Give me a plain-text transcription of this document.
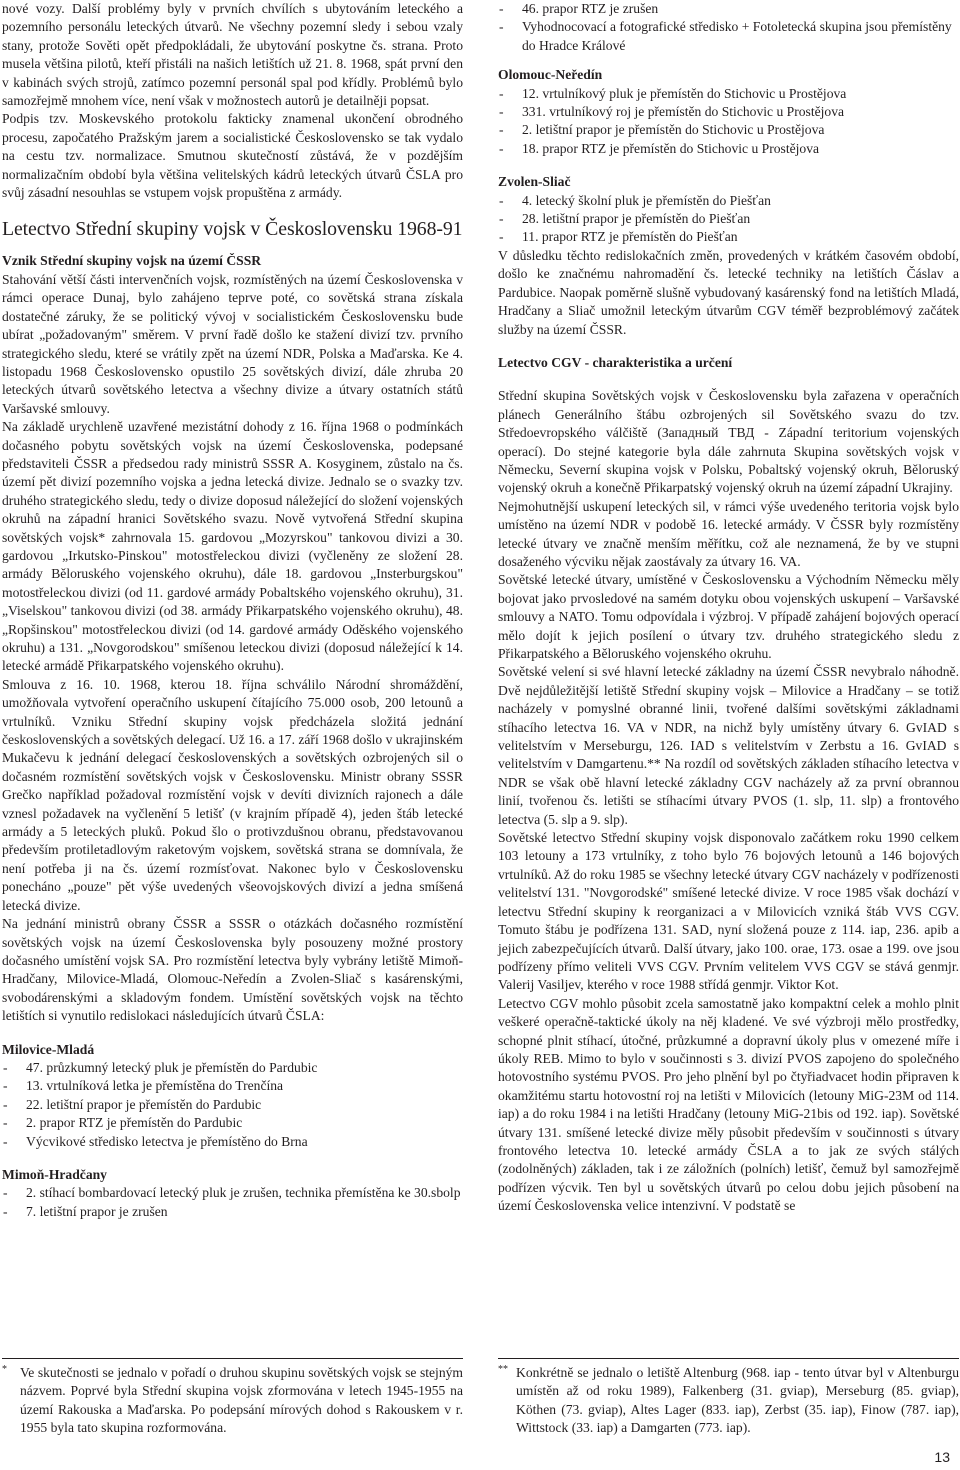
nové vozy. Další problémy byly v prvních chvílích s ubytováním leteckého a pozemního personálu leteckých útvarů. Ne všechny pozemní sledy i sebou vzaly stany, protože Sověti opět předpokládali, že ubytování poskytne čs. strana. Proto musela většina pilotů, kteří přistáli na našich letištích už 21. 8. 1968, spát první den v kabinách svých strojů, zatímco pozemní personál spal pod křídly. Problémů bylo samozřejmě mnohem více, není však v možnostech autorů je detailněji popsat.

Podpis tzv. Moskevského protokolu fakticky znamenal ukončení obrodného procesu, započatého Pražským jarem a socialistické Československo se tak vydalo na cestu tzv. normalizace. Smutnou skutečností zůstává, že v pozdějším normalizačním období byla většina velitelských kádrů leteckých útvarů ČSLA pro svůj zásadní nesouhlas se vstupem vojsk propuštěna z armády.

Letectvo Střední skupiny vojsk v Československu 1968-91

Vznik Střední skupiny vojsk na území ČSSR

Stahování větší části intervenčních vojsk, rozmístěných na území Československa v rámci operace Dunaj, bylo zahájeno teprve poté, co sovětská strana získala dostatečné záruky, že se politický vývoj v socialistickém Československu bude ubírat „požadovaným" směrem. V první řadě došlo ke stažení divizí tzv. prvního strategického sledu, které se vrátily zpět na území NDR, Polska a Maďarska. Ke 4. listopadu 1968 Československo opustilo 25 sovětských divizí, dále zhruba 20 leteckých útvarů sovětského letectva a všechny divize a útvary ostatních států Varšavské smlouvy.

Na základě urychleně uzavřené mezistátní dohody z 16. října 1968 o podmínkách dočasného pobytu sovětských vojsk na území Československa, podepsané představiteli ČSSR a předsedou rady ministrů SSSR A. Kosyginem, zůstalo na čs. území pět divizí pozemního vojska a jedna letecká divize. Jednalo se o svazky tzv. druhého strategického sledu, tedy o divize doposud náležející do složení vojenských okruhů na západní hranici Sovětského svazu. Nově vytvořená Střední skupina sovětských vojsk* zahrnovala 15. gardovou „Mozyrskou" tankovou divizi a 30. gardovou „Irkutsko-Pinskou" motostřeleckou divizi (vyčleněny ze složení 28. armády Běloruského vojenského okruhu), dále 18. gardovou „Insterburgskou" motostřeleckou divizi (od 11. gardové armády Pobaltského vojenského okruhu), 31. „Viselskou" tankovou divizi (od 38. armády Přikarpatského vojenského okruhu), 48. „Ropšinskou" motostřeleckou divizi (od 14. gardové armády Oděského vojenského okruhu) a 131. „Novgorodskou" smíšenou leteckou divizi (doposud náležející k 14. letecké armádě Přikarpatského vojenského okruhu).

Smlouva z 16. 10. 1968, kterou 18. října schválilo Národní shromáždění, umožňovala vytvoření operačního uskupení čítajícího 75.000 osob, 200 letounů a vrtulníků. Vzniku Střední skupiny vojsk předcházela složitá jednání československých a sovětských delegací. Už 16. a 17. září 1968 došlo v ukrajinském Mukačevu k jednání delegací československých a sovětských ozbrojených sil o dočasném rozmístění sovětských vojsk v Československu. Ministr obrany SSSR Grečko například požadoval rozmístění vojsk v devíti divizních rajonech a dále vznesl požadavek na vyčlenění 5 letišť (v krajním případě 4), jeden štáb letecké armády a 5 leteckých pluků. Pokud šlo o protivzdušnou obranu, představovanou především protiletadlovým raketovým vojskem, sovětská strana se domnívala, že není potřeba ji na čs. území rozmísťovat. Nakonec bylo v Československu ponecháno „pouze" pět výše uvedených všeovojskových divizí a jedna smíšená letecká divize.

Na jednání ministrů obrany ČSSR a SSSR o otázkách dočasného rozmístění sovětských vojsk na území Československa byly posouzeny možné prostory dočasného umístění vojsk SA. Pro rozmístění letectva byly vybrány letiště Mimoň-Hradčany, Milovice-Mladá, Olomouc-Neředín a Zvolen-Sliač s kasárenskými, svobodárenskými a skladovým fondem. Umístění sovětských vojsk na těchto letištích si vynutilo redislokaci následujících útvarů ČSLA:

Milovice-Mladá

- 47. průzkumný letecký pluk je přemístěn do Pardubic
- 13. vrtulníková letka je přemístěna do Trenčína
- 22. letištní prapor je přemístěn do Pardubic
- 2. prapor RTZ je přemístěn do Pardubic
- Výcvikové středisko letectva je přemístěno do Brna

Mimoň-Hradčany

- 2. stíhací bombardovací letecký pluk je zrušen, technika přemístěna ke 30.sbolp
- 7. letištní prapor je zrušen
- 46. prapor RTZ je zrušen
- Vyhodnocovací a fotografické středisko + Fotoletecká skupina jsou přemístěny do Hradce Králové

Olomouc-Neředín

- 12. vrtulníkový pluk je přemístěn do Stichovic u Prostějova
- 331. vrtulníkový roj je přemístěn do Stichovic u Prostějova
- 2. letištní prapor je přemístěn do Stichovic u Prostějova
- 18. prapor RTZ je přemístěn do Stichovic u Prostějova

Zvolen-Sliač

- 4. letecký školní pluk je přemístěn do Piešťan
- 28. letištní prapor je přemístěn do Piešťan
- 11. prapor RTZ je přemístěn do Piešťan

V důsledku těchto redislokačních změn, provedených v krátkém časovém období, došlo ke značnému nahromadění čs. letecké techniky na letištích Čáslav a Pardubice. Naopak poměrně slušně vybudovaný kasárenský fond na letištích Mladá, Hradčany a Sliač umožnil leteckým útvarům CGV téměř bezproblémový začátek služby na území ČSSR.

Letectvo CGV - charakteristika a určení

Střední skupina Sovětských vojsk v Československu byla zařazena v operačních plánech Generálního štábu ozbrojených sil Sovětského svazu do tzv. Středoevropského válčiště (Западный ТВД - Západní teritorium vojenských operací). Do stejné kategorie byla dále zahrnuta Skupina sovětských vojsk v Německu, Severní skupina vojsk v Polsku, Pobaltský vojenský okruh, Běloruský vojenský okruh a konečně Přikarpatský vojenský okruh na území západní Ukrajiny.

Nejmohutnější uskupení leteckých sil, v rámci výše uvedeného teritoria vojsk bylo umístěno na území NDR v podobě 16. letecké armády. V ČSSR byly rozmístěny letecké útvary ve značně menším měřítku, což ale neznamená, že by ve stupni dosaženého výcviku nějak zaostávaly za útvary 16. VA.

Sovětské letecké útvary, umístěné v Československu a Východním Německu měly bojovat jako prvosledové na samém dotyku obou vojenských uskupení – Varšavské smlouvy a NATO. Tomu odpovídala i výzbroj. V případě zahájení bojových operací mělo dojít k jejich posílení o útvary tzv. druhého strategického sledu z Přikarpatského a Běloruského vojenského okruhu.

Sovětské velení si své hlavní letecké základny na území ČSSR nevybralo náhodně. Dvě nejdůležitější letiště Střední skupiny vojsk – Milovice a Hradčany – se totiž nacházely v pomyslné obranné linii, tvořené dalšími sovětskými základnami stíhacího letectva 16. VA v NDR, na nichž byly umístěny útvary 6. GvIAD s velitelstvím v Merseburgu, 126. IAD s velitelstvím v Zerbstu a 16. GvIAD s velitelstvím v Damgartenu.** Na rozdíl od sovětských základen stíhacího letectva v NDR se však obě hlavní letecké základny CGV nacházely až za první obrannou linií, tvořenou čs. letišti se stíhacími útvary PVOS (1. slp, 11. slp) a frontového letectva (5. slp a 9. slp).

Sovětské letectvo Střední skupiny vojsk disponovalo začátkem roku 1990 celkem 103 letouny a 173 vrtulníky, z toho bylo 76 bojových letounů a 146 bojových vrtulníků. Až do roku 1985 se všechny letecké útvary CGV nacházely v podřízenosti velitelství 131. "Novgorodské" smíšené letecké divize. V roce 1985 však dochází v letectvu Střední skupiny k reorganizaci a v Milovicích vzniká štáb VVS CGV. Tomuto štábu je podřízena 131. SAD, nyní složená pouze z 114. iap, 236. apib a jejich zabezpečujících útvarů. Další útvary, jako 100. orae, 173. osae a 199. ove jsou podřízeny přímo veliteli VVS CGV. Prvním velitelem VVS CGV se stává genmjr. Valerij Vasiljev, kterého v roce 1988 střídá genmjr. Viktor Kot.

Letectvo CGV mohlo působit zcela samostatně jako kompaktní celek a mohlo plnit veškeré operačně-taktické úkoly na něj kladené. Ve své výzbroji mělo prostředky, schopné plnit stíhací, útočné, průzkumné a dopravní úkoly plus v omezené míře i úkoly REB. Mimo to bylo v součinnosti s 3. divizí PVOS zapojeno do společného hotovostního systému PVOS. Pro jeho plnění byl po čtyřiadvacet hodin připraven k okamžitému startu hotovostní roj na letišti v Milovicích (letouny MiG-23M od 114. iap) a do roku 1984 i na letišti Hradčany (letouny MiG-21bis od 192. iap). Sovětské útvary 131. smíšené letecké divize měly působit především v součinnosti s útvary frontového letectva 10. letecké armády ČSLA a to jak ze svých stálých (zodolněných) základen, tak i ze záložních (polních) letišť, čemuž byl samozřejmě podřízen výcvik. Ten byl u sovětských útvarů po celou dobu jejich působení na území Československa velice intenzivní. V podstatě se

* Ve skutečnosti se jednalo v pořadí o druhou skupinu sovětských vojsk se stejným názvem. Poprvé byla Střední skupina vojsk zformována v letech 1945-1955 na území Rakouska a Maďarska. Po podepsání mírových dohod s Rakouskem v r. 1955 byla tato skupina rozformována.
** Konkrétně se jednalo o letiště Altenburg (968. iap - tento útvar byl v Altenburgu umístěn až od roku 1989), Falkenberg (31. gviap), Merseburg (85. gviap), Köthen (73. gviap), Altes Lager (833. iap), Zerbst (35. iap), Finow (787. iap), Wittstock (33. iap) a Damgarten (773. iap).
13
